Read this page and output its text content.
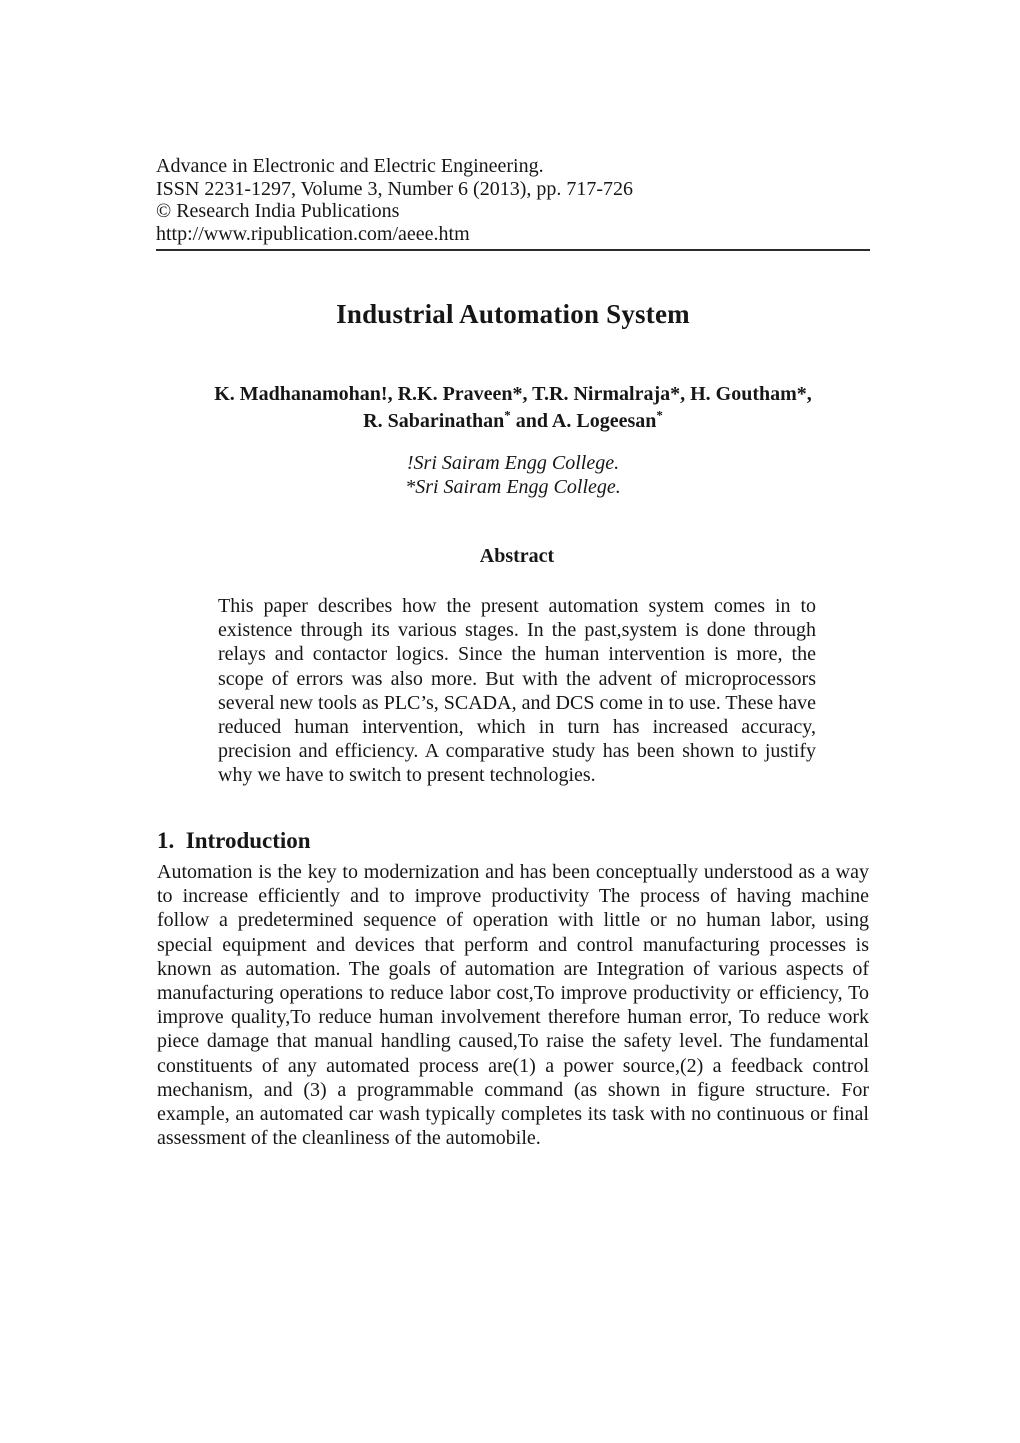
Advance in Electronic and Electric Engineering.
ISSN 2231-1297, Volume 3, Number 6 (2013), pp. 717-726
© Research India Publications
http://www.ripublication.com/aeee.htm
Industrial Automation System
K. Madhanamohan!, R.K. Praveen*, T.R. Nirmalraja*, H. Goutham*,
R. Sabarinathan* and A. Logeesan*
!Sri Sairam Engg College.
*Sri Sairam Engg College.
Abstract
This paper describes how the present automation system comes in to existence through its various stages. In the past,system is done through relays and contactor logics. Since the human intervention is more, the scope of errors was also more. But with the advent of microprocessors several new tools as PLC’s, SCADA, and DCS come in to use. These have reduced human intervention, which in turn has increased accuracy, precision and efficiency. A comparative study has been shown to justify why we have to switch to present technologies.
1.  Introduction
Automation is the key to modernization and has been conceptually understood as a way to increase efficiently and to improve productivity The process of having machine follow a predetermined sequence of operation with little or no human labor, using special equipment and devices that perform and control manufacturing processes is known as automation. The goals of automation are Integration of various aspects of manufacturing operations to reduce labor cost,To improve productivity or efficiency, To improve quality,To reduce human involvement therefore human error, To reduce work piece damage that manual handling caused,To raise the safety level. The fundamental constituents of any automated process are(1) a power source,(2) a feedback control mechanism, and (3) a programmable command (as shown in figure structure. For example, an automated car wash typically completes its task with no continuous or final assessment of the cleanliness of the automobile.
